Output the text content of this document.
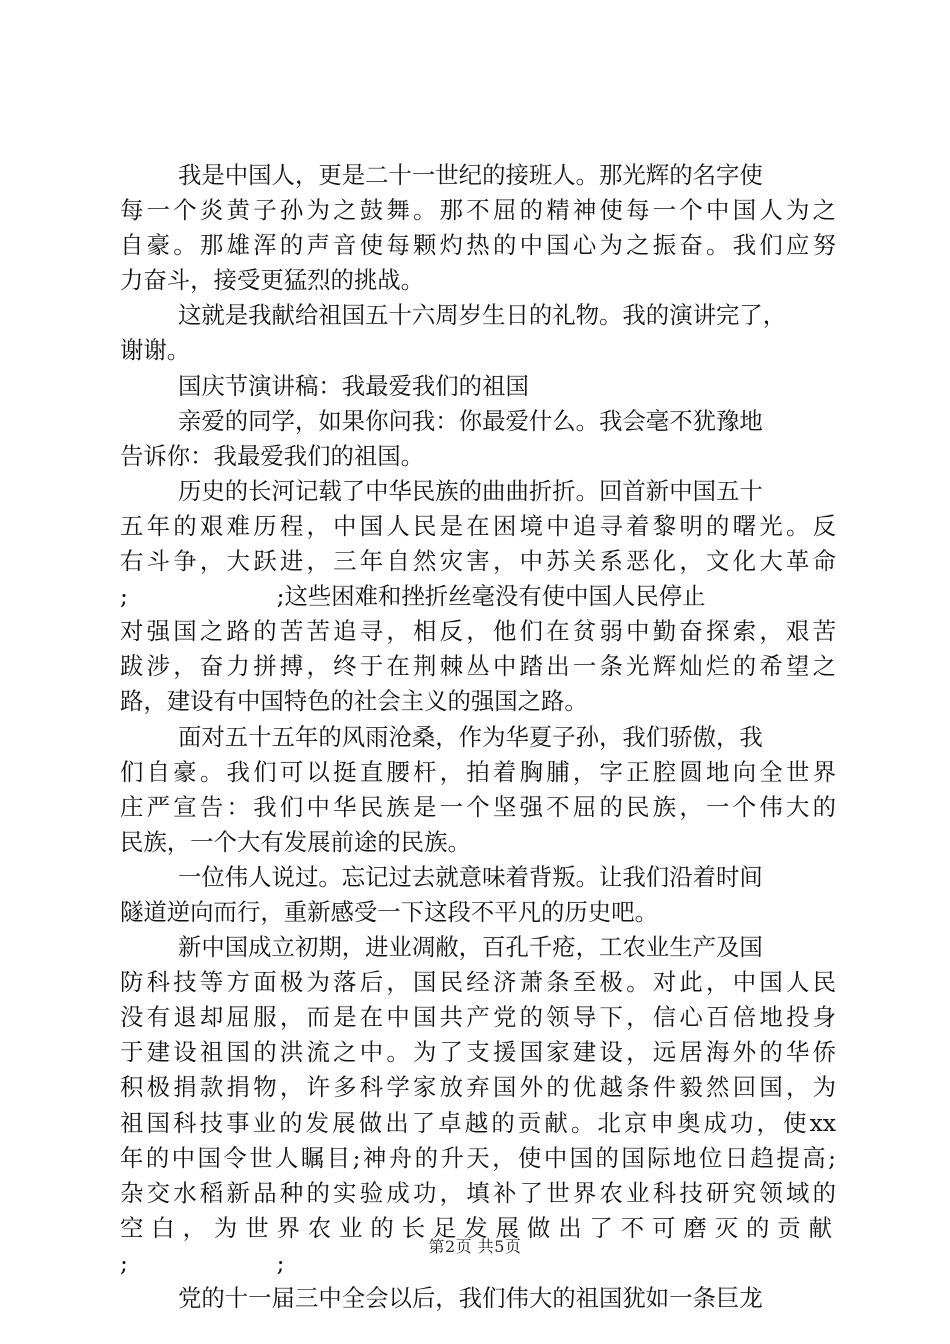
我是中国人，更是二十一世纪的接班人。那光辉的名字使
每一个炎黄子孙为之鼓舞。那不屈的精神使每一个中国人为之
自豪。那雄浑的声音使每颗灼热的中国心为之振奋。我们应努
力奋斗，接受更猛烈的挑战。
这就是我献给祖国五十六周岁生日的礼物。我的演讲完了，
谢谢。
国庆节演讲稿：我最爱我们的祖国
亲爱的同学，如果你问我：你最爱什么。我会毫不犹豫地
告诉你：我最爱我们的祖国。
历史的长河记载了中华民族的曲曲折折。回首新中国五十
五年的艰难历程，中国人民是在困境中追寻着黎明的曙光。反
右斗争，大跃进，三年自然灾害，中苏关系恶化，文化大革命
;                    ;这些困难和挫折丝毫没有使中国人民停止
对强国之路的苦苦追寻，相反，他们在贫弱中勤奋探索，艰苦
跋涉，奋力拼搏，终于在荆棘丛中踏出一条光辉灿烂的希望之
路，建设有中国特色的社会主义的强国之路。
面对五十五年的风雨沧桑，作为华夏子孙，我们骄傲，我
们自豪。我们可以挺直腰杆，拍着胸脯，字正腔圆地向全世界
庄严宣告：我们中华民族是一个坚强不屈的民族，一个伟大的
民族，一个大有发展前途的民族。
一位伟人说过。忘记过去就意味着背叛。让我们沿着时间
隧道逆向而行，重新感受一下这段不平凡的历史吧。
新中国成立初期，进业凋敝，百孔千疮，工农业生产及国
防科技等方面极为落后，国民经济萧条至极。对此，中国人民
没有退却屈服，而是在中国共产党的领导下，信心百倍地投身
于建设祖国的洪流之中。为了支援国家建设，远居海外的华侨
积极捐款捐物，许多科学家放弃国外的优越条件毅然回国，为
祖国科技事业的发展做出了卓越的贡献。北京申奥成功，使xx
年的中国令世人瞩目;神舟的升天，使中国的国际地位日趋提高;
杂交水稻新品种的实验成功，填补了世界农业科技研究领域的
空白，为世界农业的长足发展做出了不可磨灭的贡献
;                    ;
党的十一届三中全会以后，我们伟大的祖国犹如一条巨龙
第2页 共5页
